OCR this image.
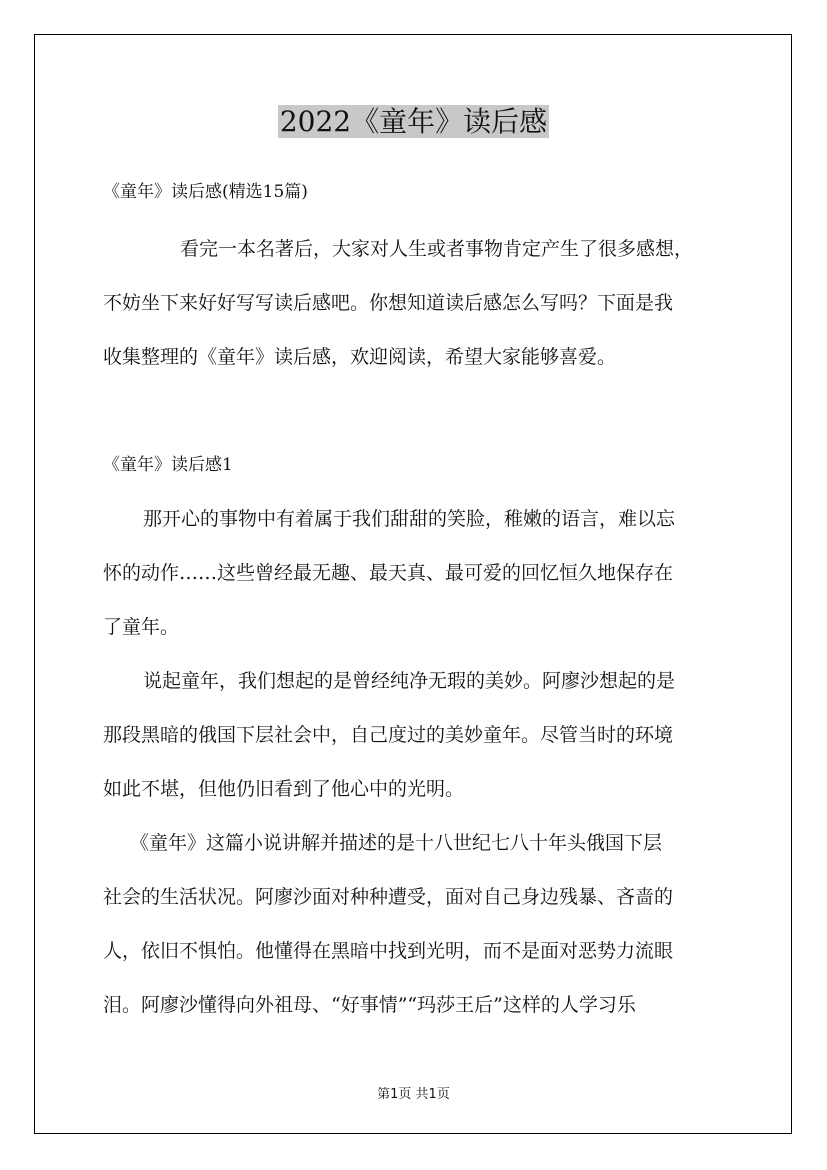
2022《童年》读后感
《童年》读后感(精选15篇)
看完一本名著后，大家对人生或者事物肯定产生了很多感想，
不妨坐下来好好写写读后感吧。你想知道读后感怎么写吗？下面是我
收集整理的《童年》读后感，欢迎阅读，希望大家能够喜爱。
《童年》读后感1
那开心的事物中有着属于我们甜甜的笑脸，稚嫩的语言，难以忘
怀的动作……这些曾经最无趣、最天真、最可爱的回忆恒久地保存在
了童年。
说起童年，我们想起的是曾经纯净无瑕的美妙。阿廖沙想起的是
那段黑暗的俄国下层社会中，自己度过的美妙童年。尽管当时的环境
如此不堪，但他仍旧看到了他心中的光明。
《童年》这篇小说讲解并描述的是十八世纪七八十年头俄国下层
社会的生活状况。阿廖沙面对种种遭受，面对自己身边残暴、吝啬的
人，依旧不惧怕。他懂得在黑暗中找到光明，而不是面对恶势力流眼
泪。阿廖沙懂得向外祖母、“好事情”“玛莎王后”这样的人学习乐
第1页 共1页
